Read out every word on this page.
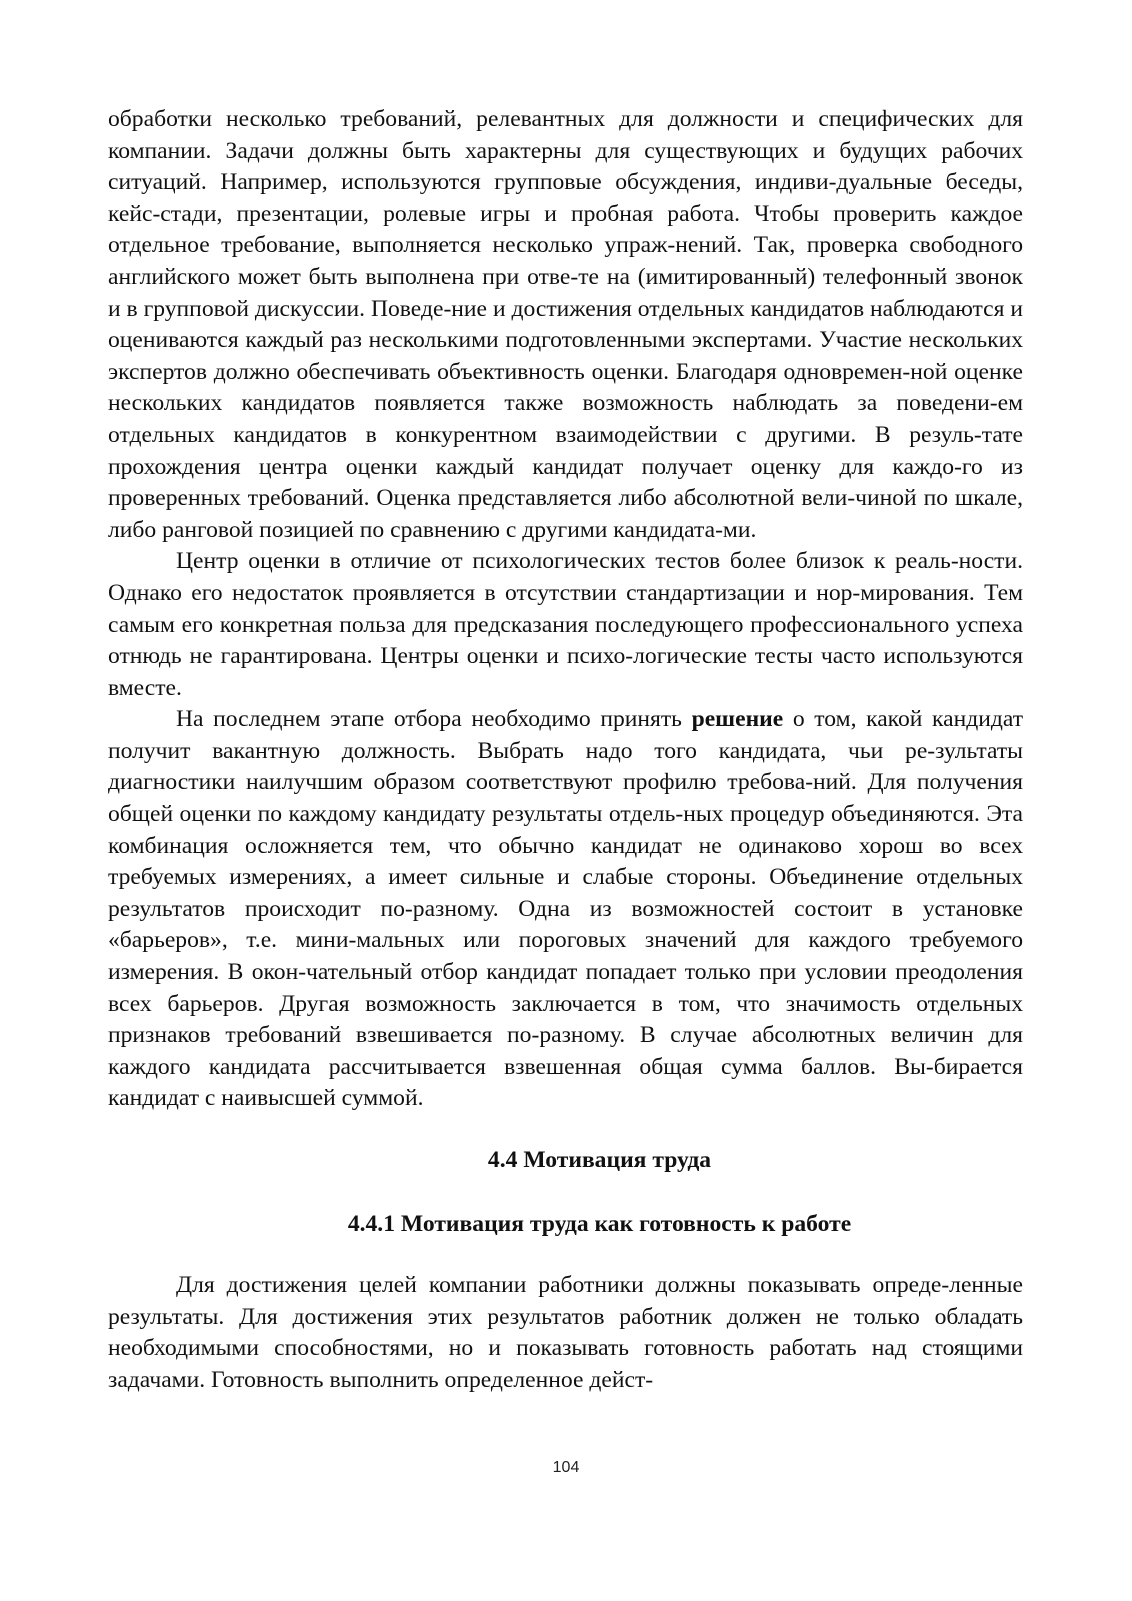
обработки несколько требований, релевантных для должности и специфических для компании. Задачи должны быть характерны для существующих и будущих рабочих ситуаций. Например, используются групповые обсуждения, индиви-дуальные беседы, кейс-стади, презентации, ролевые игры и пробная работа. Чтобы проверить каждое отдельное требование, выполняется несколько упраж-нений. Так, проверка свободного английского может быть выполнена при отве-те на (имитированный) телефонный звонок и в групповой дискуссии. Поведе-ние и достижения отдельных кандидатов наблюдаются и оцениваются каждый раз несколькими подготовленными экспертами. Участие нескольких экспертов должно обеспечивать объективность оценки. Благодаря одновремен-ной оценке нескольких кандидатов появляется также возможность наблюдать за поведени-ем отдельных кандидатов в конкурентном взаимодействии с другими. В резуль-тате прохождения центра оценки каждый кандидат получает оценку для каждо-го из проверенных требований. Оценка представляется либо абсолютной вели-чиной по шкале, либо ранговой позицией по сравнению с другими кандидата-ми.

Центр оценки в отличие от психологических тестов более близок к реаль-ности. Однако его недостаток проявляется в отсутствии стандартизации и нор-мирования. Тем самым его конкретная польза для предсказания последующего профессионального успеха отнюдь не гарантирована. Центры оценки и психо-логические тесты часто используются вместе.

На последнем этапе отбора необходимо принять решение о том, какой кандидат получит вакантную должность. Выбрать надо того кандидата, чьи ре-зультаты диагностики наилучшим образом соответствуют профилю требова-ний. Для получения общей оценки по каждому кандидату результаты отдель-ных процедур объединяются. Эта комбинация осложняется тем, что обычно кандидат не одинаково хорош во всех требуемых измерениях, а имеет сильные и слабые стороны. Объединение отдельных результатов происходит по-разному. Одна из возможностей состоит в установке «барьеров», т.е. мини-мальных или пороговых значений для каждого требуемого измерения. В окон-чательный отбор кандидат попадает только при условии преодоления всех барьеров. Другая возможность заключается в том, что значимость отдельных признаков требований взвешивается по-разному. В случае абсолютных величин для каждого кандидата рассчитывается взвешенная общая сумма баллов. Вы-бирается кандидат с наивысшей суммой.

4.4 Мотивация труда

4.4.1 Мотивация труда как готовность к работе

Для достижения целей компании работники должны показывать опреде-ленные результаты. Для достижения этих результатов работник должен не только обладать необходимыми способностями, но и показывать готовность работать над стоящими задачами. Готовность выполнить определенное дейст-

104
